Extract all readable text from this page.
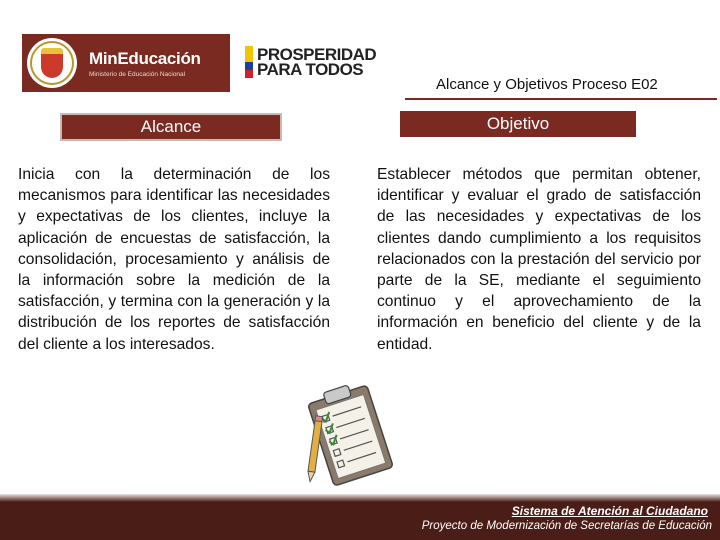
MinEducación
Ministerio de Educación Nacional
PROSPERIDAD
PARA TODOS
Alcance y Objetivos Proceso E02
Alcance	Objetivo
Inicia con la determinación de los mecanismos para identificar las necesidades y expectativas de los clientes, incluye la aplicación de encuestas de satisfacción, la consolidación, procesamiento y análisis de la información sobre la medición de la satisfacción, y termina con la generación y la distribución de los reportes de satisfacción del cliente a los interesados.
Establecer métodos que permitan obtener, identificar y evaluar el grado de satisfacción de las necesidades y expectativas de los clientes dando cumplimiento a los requisitos relacionados con la prestación del servicio por parte de la SE, mediante el seguimiento continuo y el aprovechamiento de la información en beneficio del cliente y de la entidad.
Sistema de Atención al Ciudadano
Proyecto de Modernización de Secretarías de Educación
